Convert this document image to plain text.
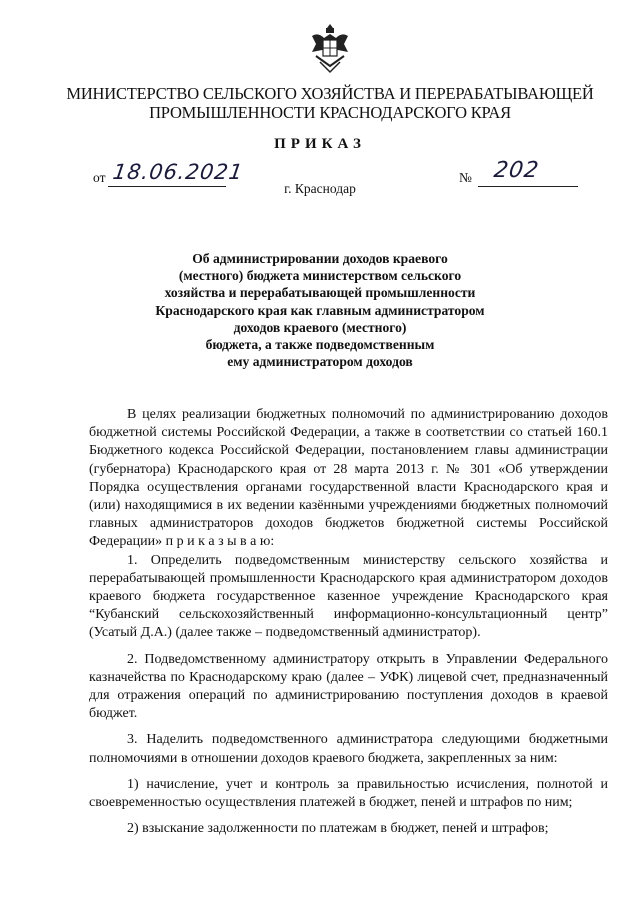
МИНИСТЕРСТВО СЕЛЬСКОГО ХОЗЯЙСТВА И ПЕРЕРАБАТЫВАЮЩЕЙ
ПРОМЫШЛЕННОСТИ КРАСНОДАРСКОГО КРАЯ
ПРИКАЗ
от 18.06.2021
г. Краснодар
№ 202
Об администрировании доходов краевого
(местного) бюджета министерством сельского
хозяйства и перерабатывающей промышленности
Краснодарского края как главным администратором
доходов краевого (местного)
бюджета, а также подведомственным
ему администратором доходов

В целях реализации бюджетных полномочий по администрированию доходов бюджетной системы Российской Федерации, а также в соответствии со статьей 160.1 Бюджетного кодекса Российской Федерации, постановлением главы администрации (губернатора) Краснодарского края от 28 марта 2013 г. № 301 «Об утверждении Порядка осуществления органами государственной власти Краснодарского края и (или) находящимися в их ведении казёнными учреждениями бюджетных полномочий главных администраторов доходов бюджетов бюджетной системы Российской Федерации» п р и к а з ы в а ю:

1. Определить подведомственным министерству сельского хозяйства и перерабатывающей промышленности Краснодарского края администратором доходов краевого бюджета государственное казенное учреждение Краснодарского края “Кубанский сельскохозяйственный информационно-консультационный центр” (Усатый Д.А.) (далее также – подведомственный администратор).

2. Подведомственному администратору открыть в Управлении Федерального казначейства по Краснодарскому краю (далее – УФК) лицевой счет, предназначенный для отражения операций по администрированию поступления доходов в краевой бюджет.

3. Наделить подведомственного администратора следующими бюджетными полномочиями в отношении доходов краевого бюджета, закрепленных за ним:

1) начисление, учет и контроль за правильностью исчисления, полнотой и своевременностью осуществления платежей в бюджет, пеней и штрафов по ним;

2) взыскание задолженности по платежам в бюджет, пеней и штрафов;
